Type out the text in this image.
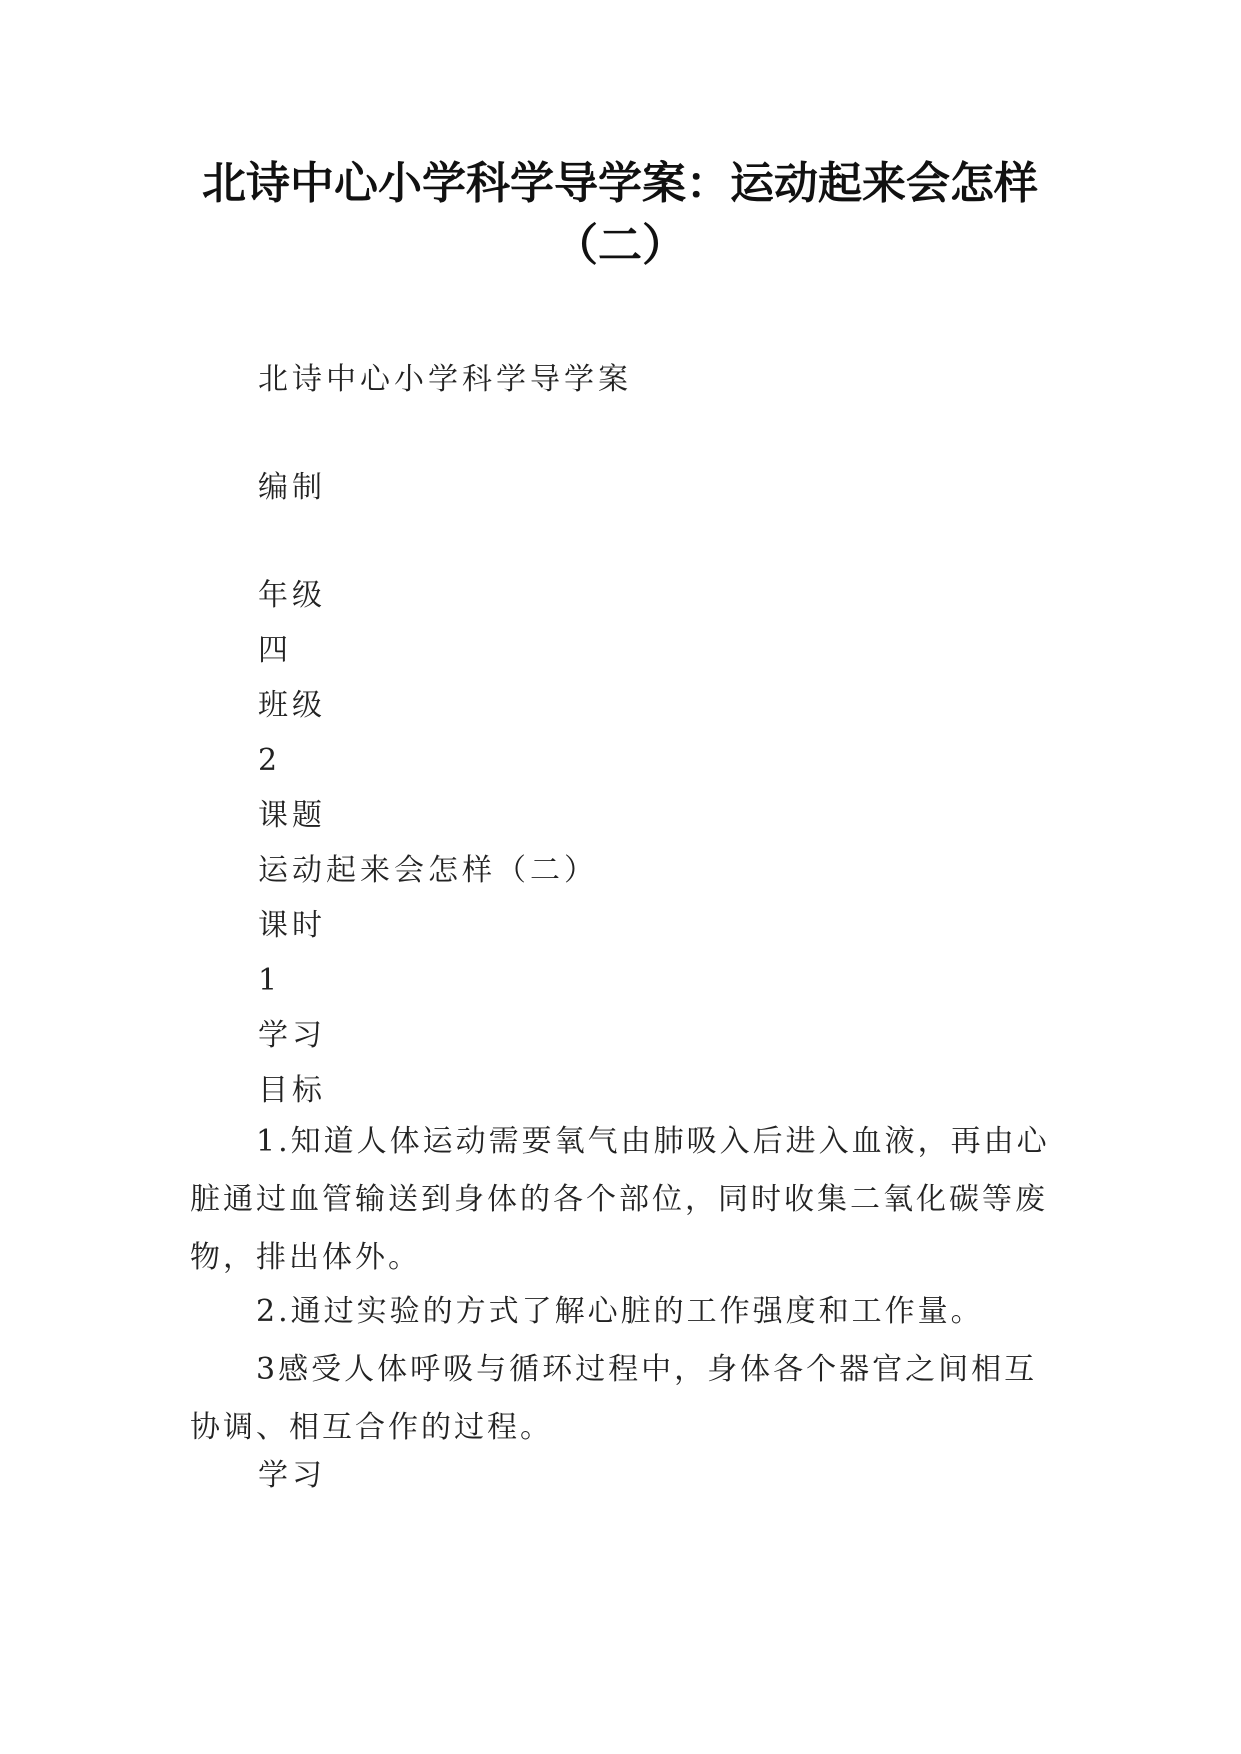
北诗中心小学科学导学案：运动起来会怎样
（二）
北诗中心小学科学导学案
编制
年级
四
班级
2
课题
运动起来会怎样（二）
课时
1
学习
目标
1.知道人体运动需要氧气由肺吸入后进入血液，再由心脏通过血管输送到身体的各个部位，同时收集二氧化碳等废物，排出体外。
2.通过实验的方式了解心脏的工作强度和工作量。
3感受人体呼吸与循环过程中，身体各个器官之间相互协调、相互合作的过程。
学习
